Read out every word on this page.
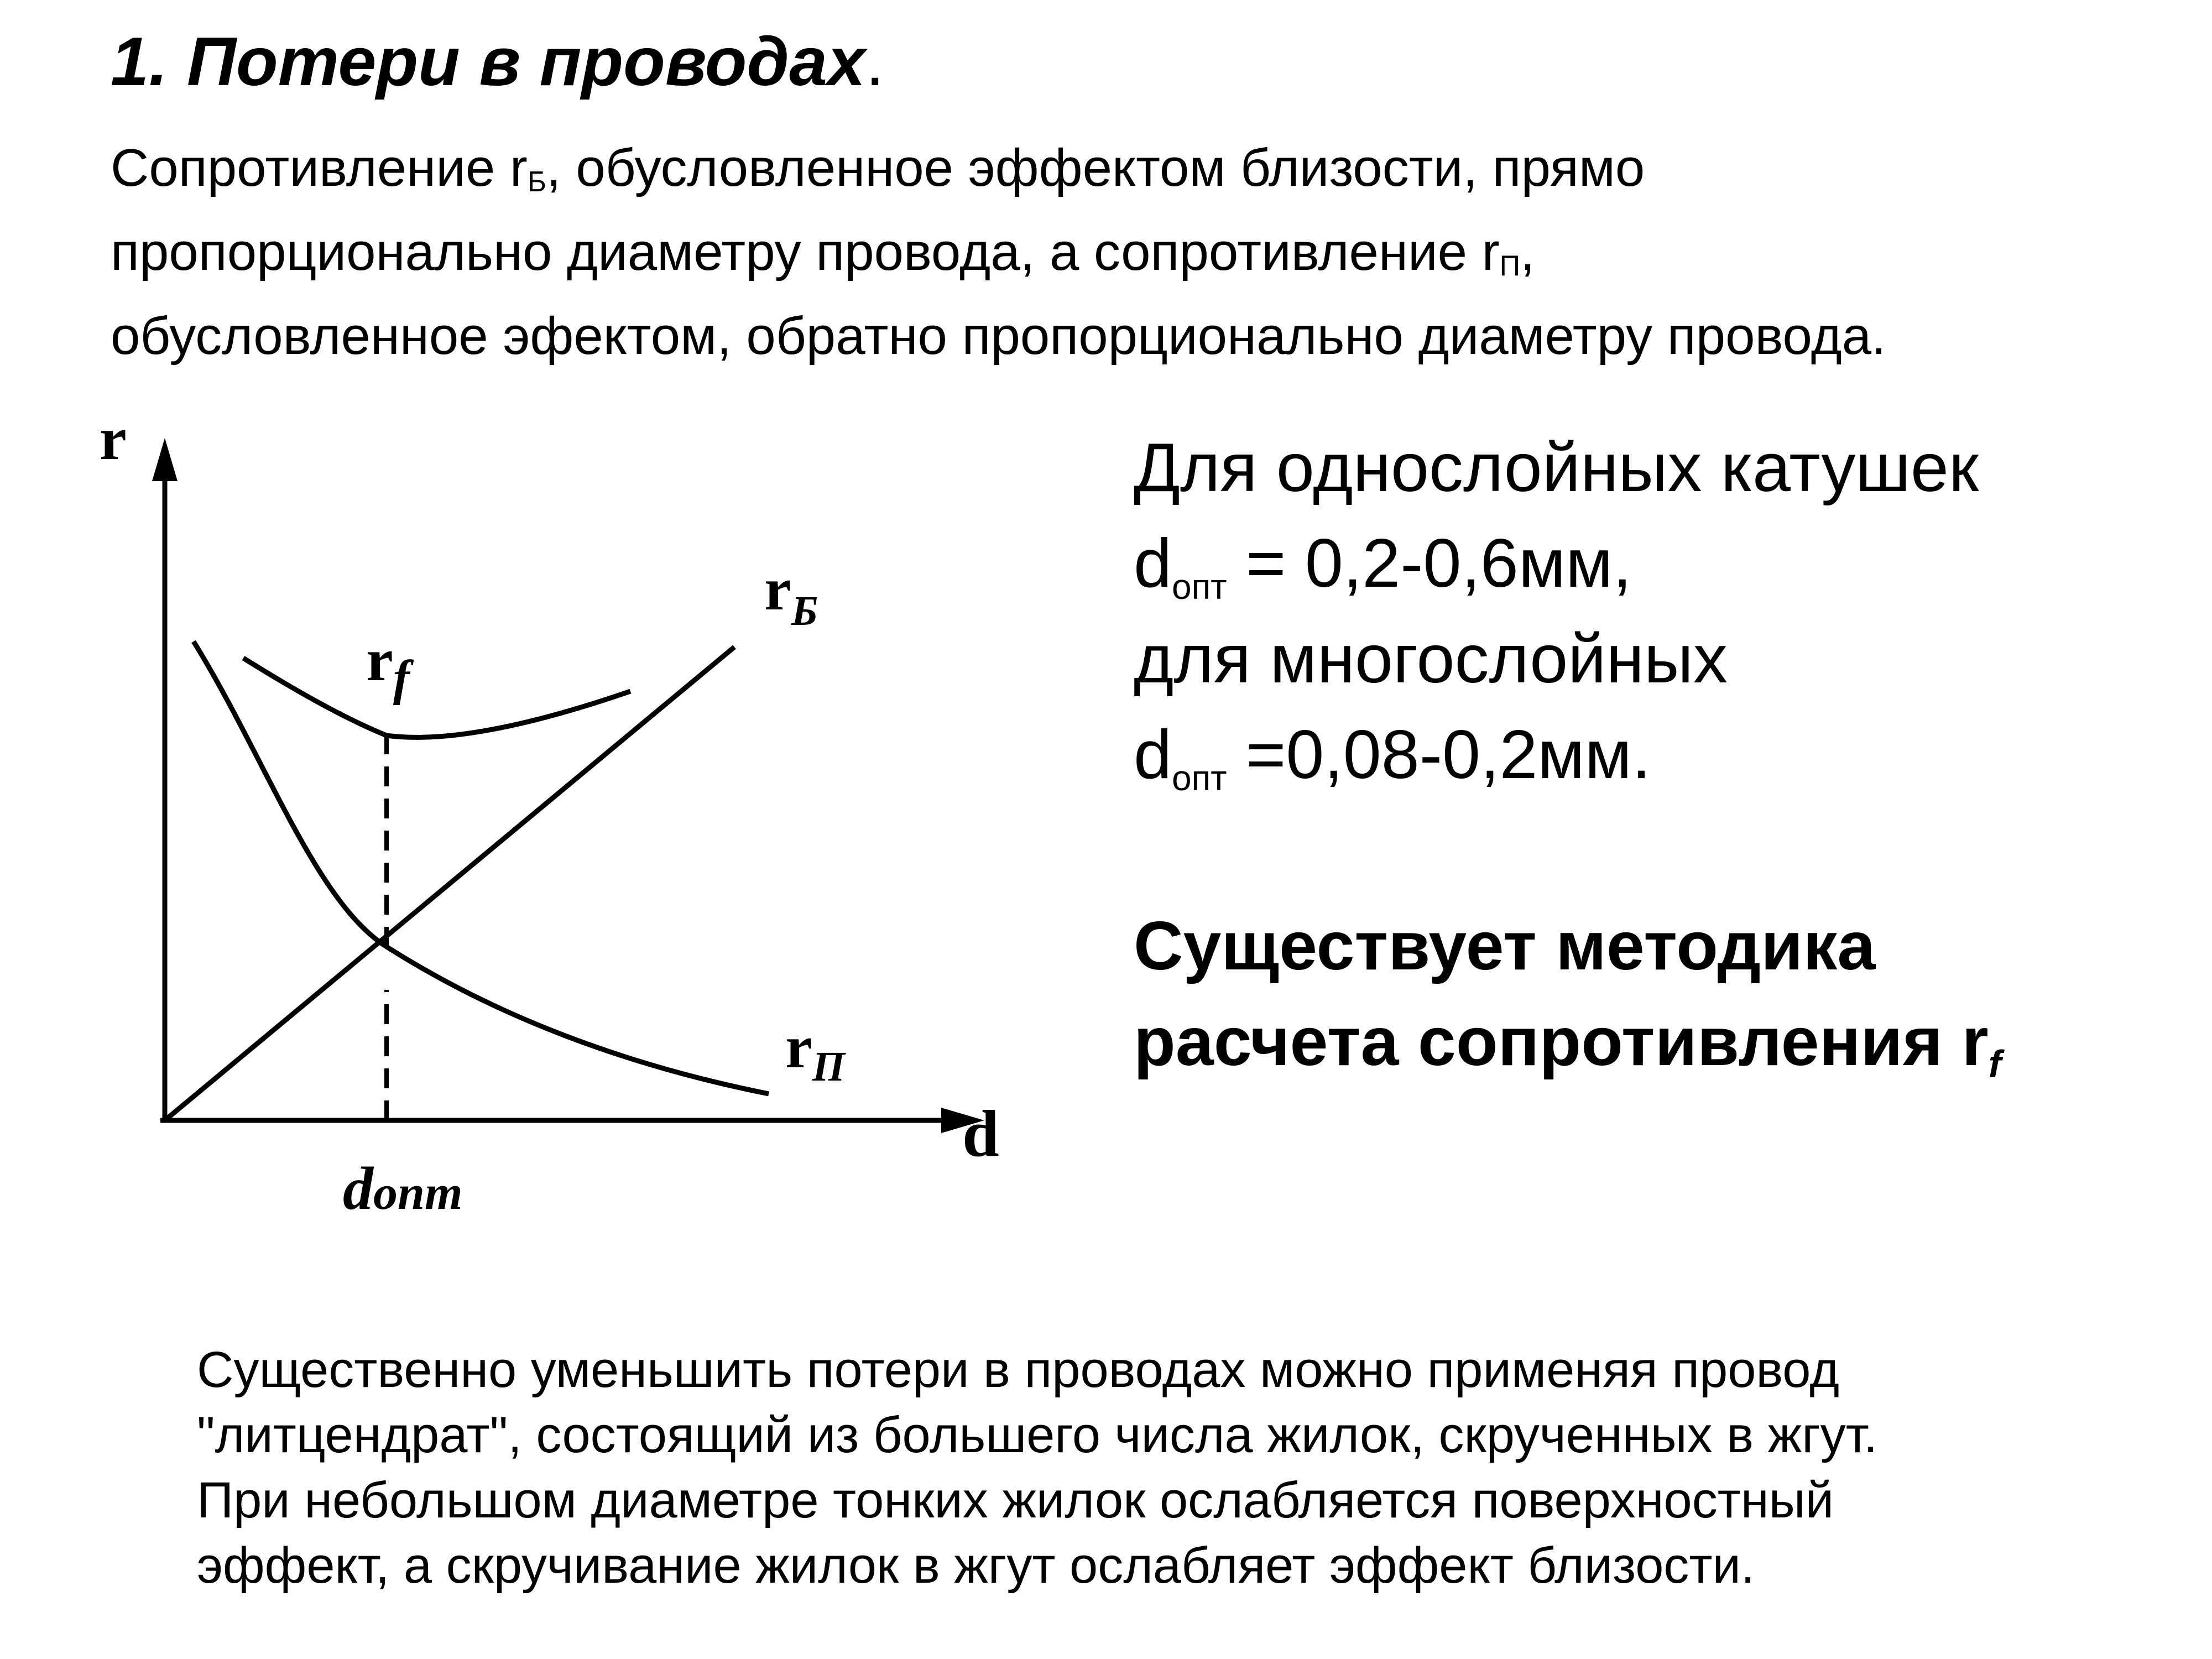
1. Потери в проводах.
Сопротивление $r_Б$, обусловленное эффектом близости, прямо
пропорционально диаметру провода, а сопротивление $r_П$,
обусловленное эфектом, обратно пропорционально диаметру провода.
r
d
$r_Б$
$r_f$
$r_П$
dопт
Для однослойных катушек
$d_{опт} = 0,2-0,6мм$,
для многослойных
$d_{опт} =0,08-0,2мм$.
Существует методика
расчета сопротивления $r_f$
Существенно уменьшить потери в проводах можно применяя провод
"литцендрат", состоящий из большего числа жилок, скрученных в жгут.
При небольшом диаметре тонких жилок ослабляется поверхностный
эффект, а скручивание жилок в жгут ослабляет эффект близости.
